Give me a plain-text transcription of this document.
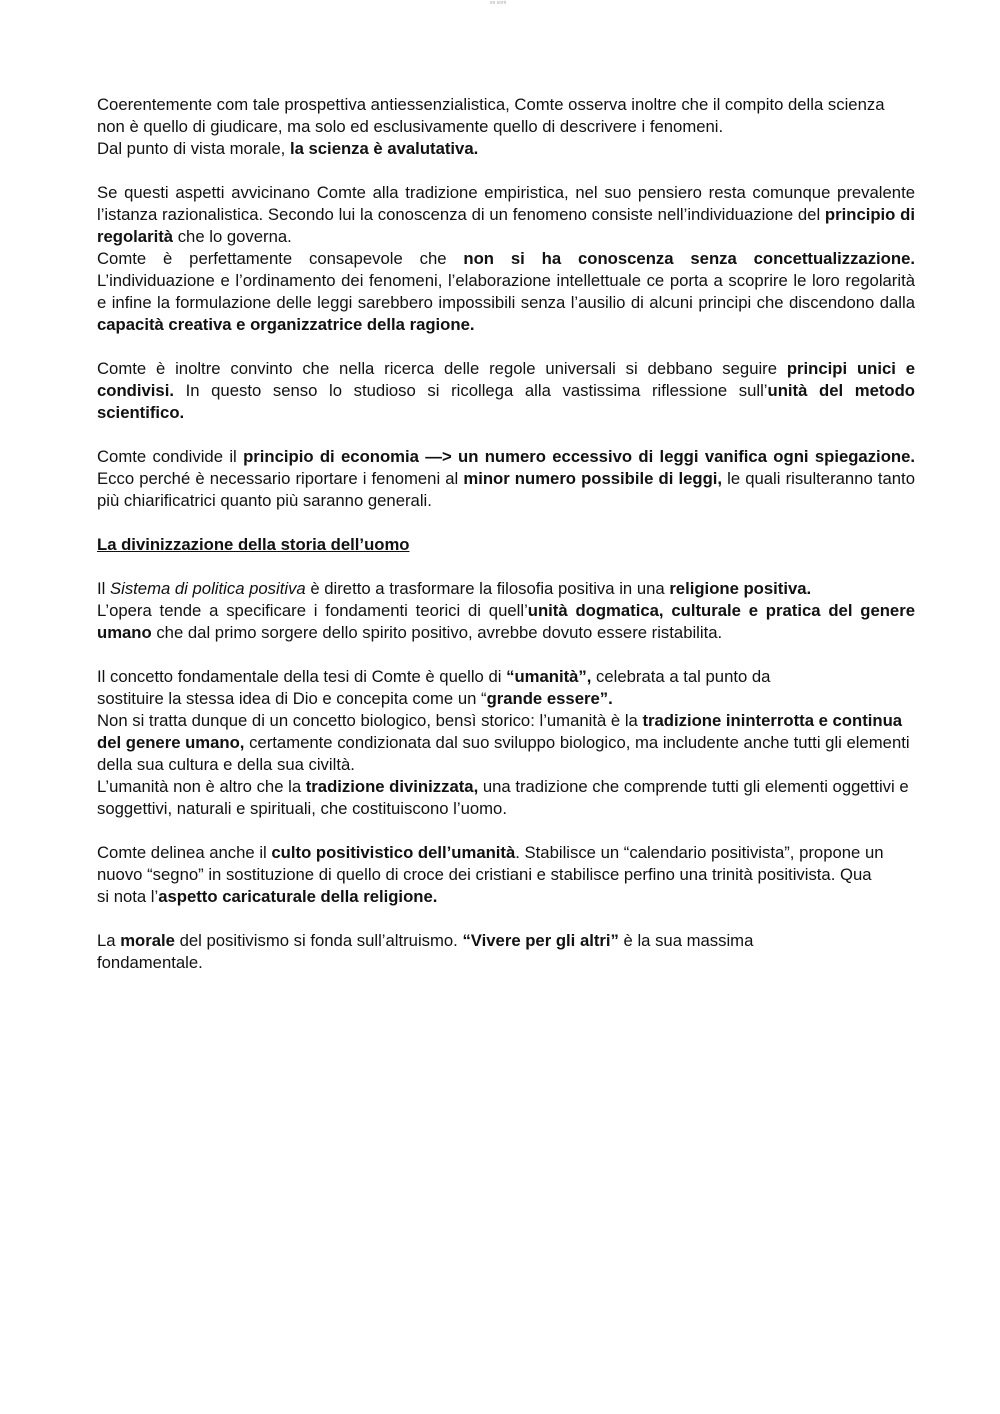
ex sorri
Coerentemente com tale prospettiva antiessenzialistica, Comte osserva inoltre che il compito della scienza non è quello di giudicare, ma solo ed esclusivamente quello di descrivere i fenomeni.
Dal punto di vista morale, la scienza è avalutativa.
Se questi aspetti avvicinano Comte alla tradizione empiristica, nel suo pensiero resta comunque prevalente l’istanza razionalistica. Secondo lui la conoscenza di un fenomeno consiste nell’individuazione del principio di regolarità che lo governa.
Comte è perfettamente consapevole che non si ha conoscenza senza concettualizzazione.
L’individuazione e l’ordinamento dei fenomeni, l’elaborazione intellettuale ce porta a scoprire le loro regolarità e infine la formulazione delle leggi sarebbero impossibili senza l’ausilio di alcuni principi che discendono dalla capacità creativa e organizzatrice della ragione.
Comte è inoltre convinto che nella ricerca delle regole universali si debbano seguire principi unici e condivisi. In questo senso lo studioso si ricollega alla vastissima riflessione sull’unità del metodo scientifico.
Comte condivide il principio di economia —> un numero eccessivo di leggi vanifica ogni spiegazione. Ecco perché è necessario riportare i fenomeni al minor numero possibile di leggi, le quali risulteranno tanto più chiarificatrici quanto più saranno generali.
La divinizzazione della storia dell’uomo
Il Sistema di politica positiva è diretto a trasformare la filosofia positiva in una religione positiva.
L’opera tende a specificare i fondamenti teorici di quell’unità dogmatica, culturale e pratica del genere umano che dal primo sorgere dello spirito positivo, avrebbe dovuto essere ristabilita.
Il concetto fondamentale della tesi di Comte è quello di “umanità”, celebrata a tal punto da sostituire la stessa idea di Dio e concepita come un “grande essere”.
Non si tratta dunque di un concetto biologico, bensì storico: l’umanità è la tradizione ininterrotta e continua del genere umano, certamente condizionata dal suo sviluppo biologico, ma includente anche tutti gli elementi della sua cultura e della sua civiltà.
L’umanità non è altro che la tradizione divinizzata, una tradizione che comprende tutti gli elementi oggettivi e soggettivi, naturali e spirituali, che costituiscono l’uomo.
Comte delinea anche il culto positivistico dell’umanità. Stabilisce un “calendario positivista”, propone un nuovo “segno” in sostituzione di quello di croce dei cristiani e stabilisce perfino una trinità positivista. Qua si nota l’aspetto caricaturale della religione.
La morale del positivismo si fonda sull’altruismo. “Vivere per gli altri” è la sua massima fondamentale.
